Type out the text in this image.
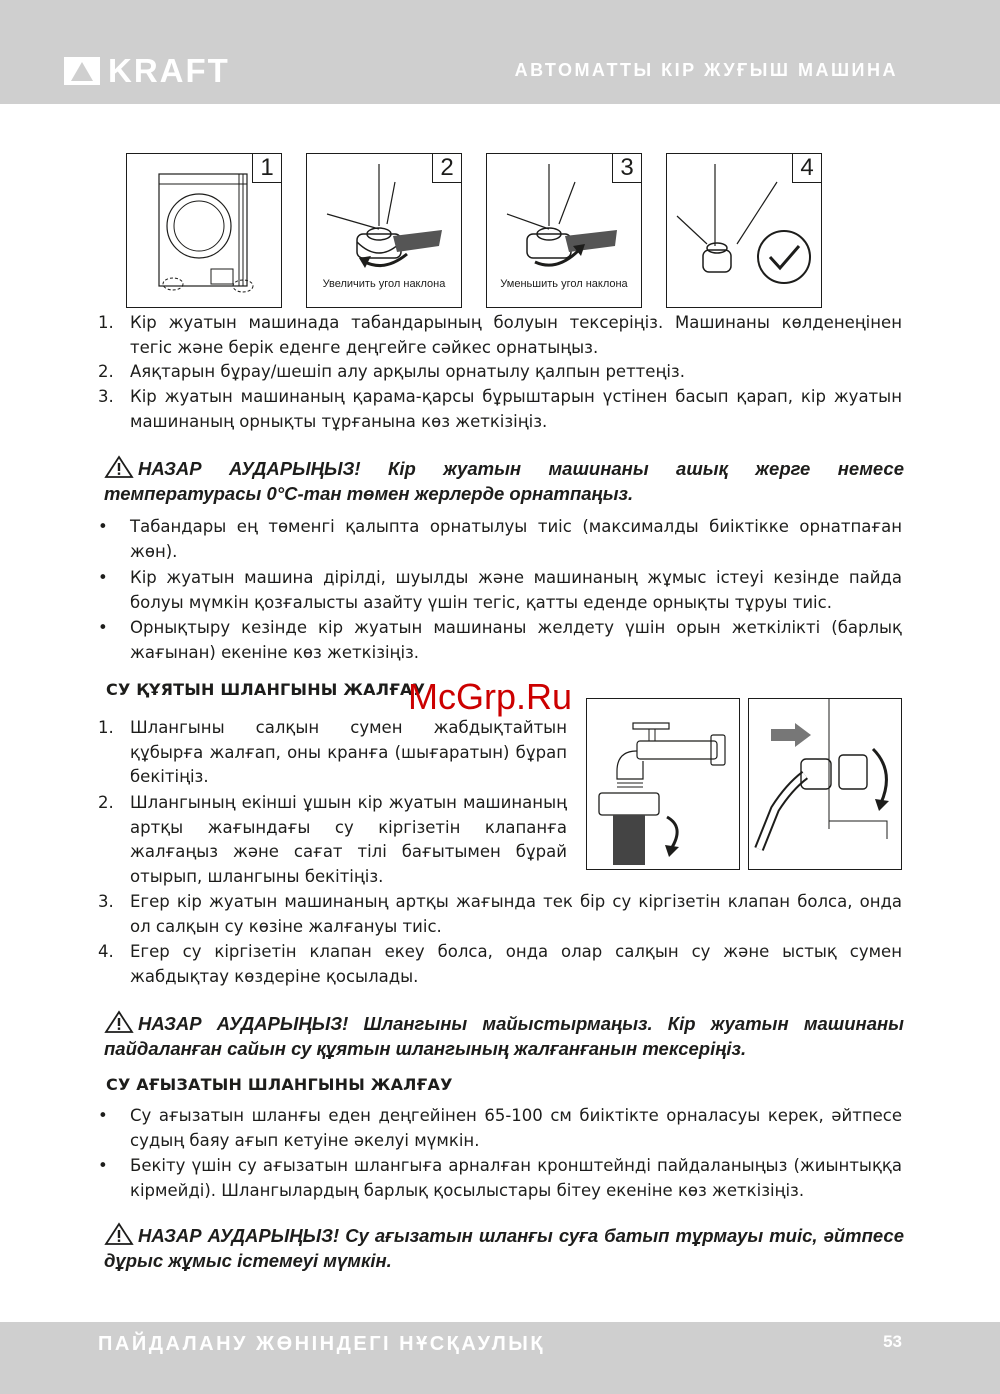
KRAFT	АВТОМАТТЫ КІР ЖУҒЫШ МАШИНА
1	2
Увеличить угол наклона
3
Уменьшить угол наклона
4
1. Кір жуатын машинада табандарының болуын тексеріңіз. Машинаны көлденеңінен тегіс және берік еденге деңгейге сәйкес орнатыңыз.
2. Аяқтарын бұрау/шешіп алу арқылы орнатылу қалпын реттеңіз.
3. Кір жуатын машинаның қарама-қарсы бұрыштарын үстінен басып қарап, кір жуатын машинаның орнықты тұрғанына көз жеткізіңіз.
НАЗАР АУДАРЫҢЫЗ! Кір жуатын машинаны ашық жерге немесе температурасы 0°С-тан төмен жерлерде орнатпаңыз.
• Табандары ең төменгі қалыпта орнатылуы тиіс (максималды биіктікке орнатпаған жөн).
• Кір жуатын машина дірілді, шуылды және машинаның жұмыс істеуі кезінде пайда болуы мүмкін қозғалысты азайту үшін тегіс, қатты еденде орнықты тұруы тиіс.
• Орнықтыру кезінде кір жуатын машинаны желдету үшін орын жеткілікті (барлық жағынан) екеніне көз жеткізіңіз.
СУ ҚҰЯТЫН ШЛАНГЫНЫ ЖАЛҒАУ
McGrp.Ru
1. Шлангыны салқын сумен жабдықтайтын құбырға жалғап, оны кранға (шығаратын) бұрап бекітіңіз.
2. Шлангының екінші ұшын кір жуатын машинаның артқы жағындағы су кіргізетін клапанға жалғаңыз және сағат тілі бағытымен бұрай отырып, шлангыны бекітіңіз.
3. Егер кір жуатын машинаның артқы жағында тек бір су кіргізетін клапан болса, онда ол салқын су көзіне жалғануы тиіс.
4. Егер су кіргізетін клапан екеу болса, онда олар салқын су және ыстық сумен жабдықтау көздеріне қосылады.
НАЗАР АУДАРЫҢЫЗ! Шлангыны майыстырмаңыз. Кір жуатын машинаны пайдаланған сайын су құятын шлангының жалғанғанын тексеріңіз.
СУ АҒЫЗАТЫН ШЛАНГЫНЫ ЖАЛҒАУ
• Су ағызатын шланғы еден деңгейінен 65-100 см биіктікте орналасуы керек, әйтпесе судың баяу ағып кетуіне әкелуі мүмкін.
• Бекіту үшін су ағызатын шлангыға арналған кронштейнді пайдаланыңыз (жиынтыққа кірмейді). Шлангылардың барлық қосылыстары бітеу екеніне көз жеткізіңіз.
НАЗАР АУДАРЫҢЫЗ! Су ағызатын шланғы суға батып тұрмауы тиіс, әйтпесе дұрыс жұмыс істемеуі мүмкін.
ПАЙДАЛАНУ ЖӨНІНДЕГІ НҰСҚАУЛЫҚ	53
